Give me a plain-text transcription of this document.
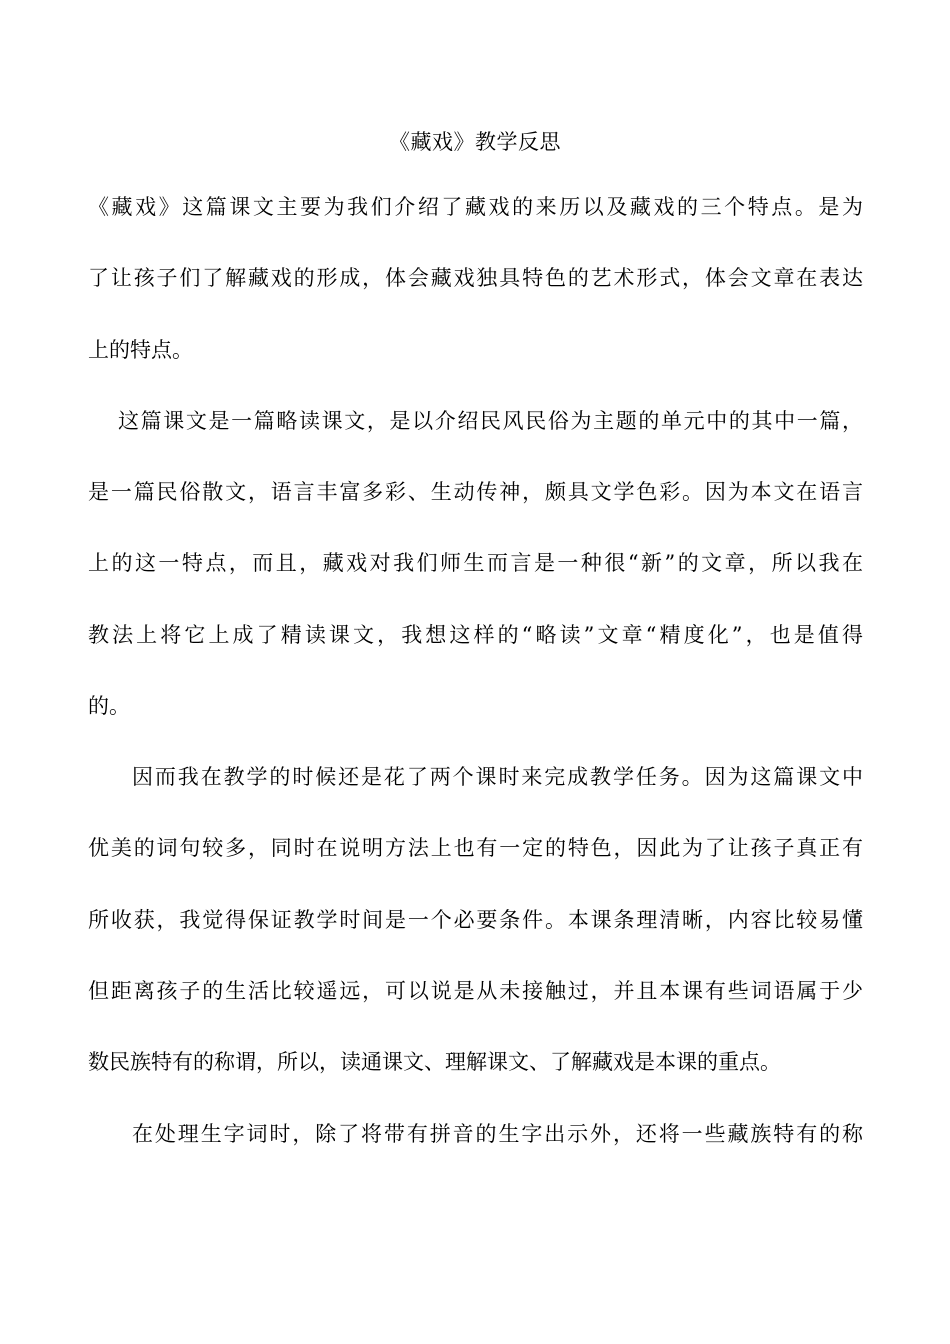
《藏戏》教学反思
《藏戏》这篇课文主要为我们介绍了藏戏的来历以及藏戏的三个特点。是为
了让孩子们了解藏戏的形成，体会藏戏独具特色的艺术形式，体会文章在表达
上的特点。
这篇课文是一篇略读课文，是以介绍民风民俗为主题的单元中的其中一篇，
是一篇民俗散文，语言丰富多彩、生动传神，颇具文学色彩。因为本文在语言
上的这一特点，而且，藏戏对我们师生而言是一种很“新”的文章，所以我在
教法上将它上成了精读课文，我想这样的“略读”文章“精度化”，也是值得
的。
因而我在教学的时候还是花了两个课时来完成教学任务。因为这篇课文中
优美的词句较多，同时在说明方法上也有一定的特色，因此为了让孩子真正有
所收获，我觉得保证教学时间是一个必要条件。本课条理清晰，内容比较易懂
但距离孩子的生活比较遥远，可以说是从未接触过，并且本课有些词语属于少
数民族特有的称谓，所以，读通课文、理解课文、了解藏戏是本课的重点。
在处理生字词时，除了将带有拼音的生字出示外，还将一些藏族特有的称
